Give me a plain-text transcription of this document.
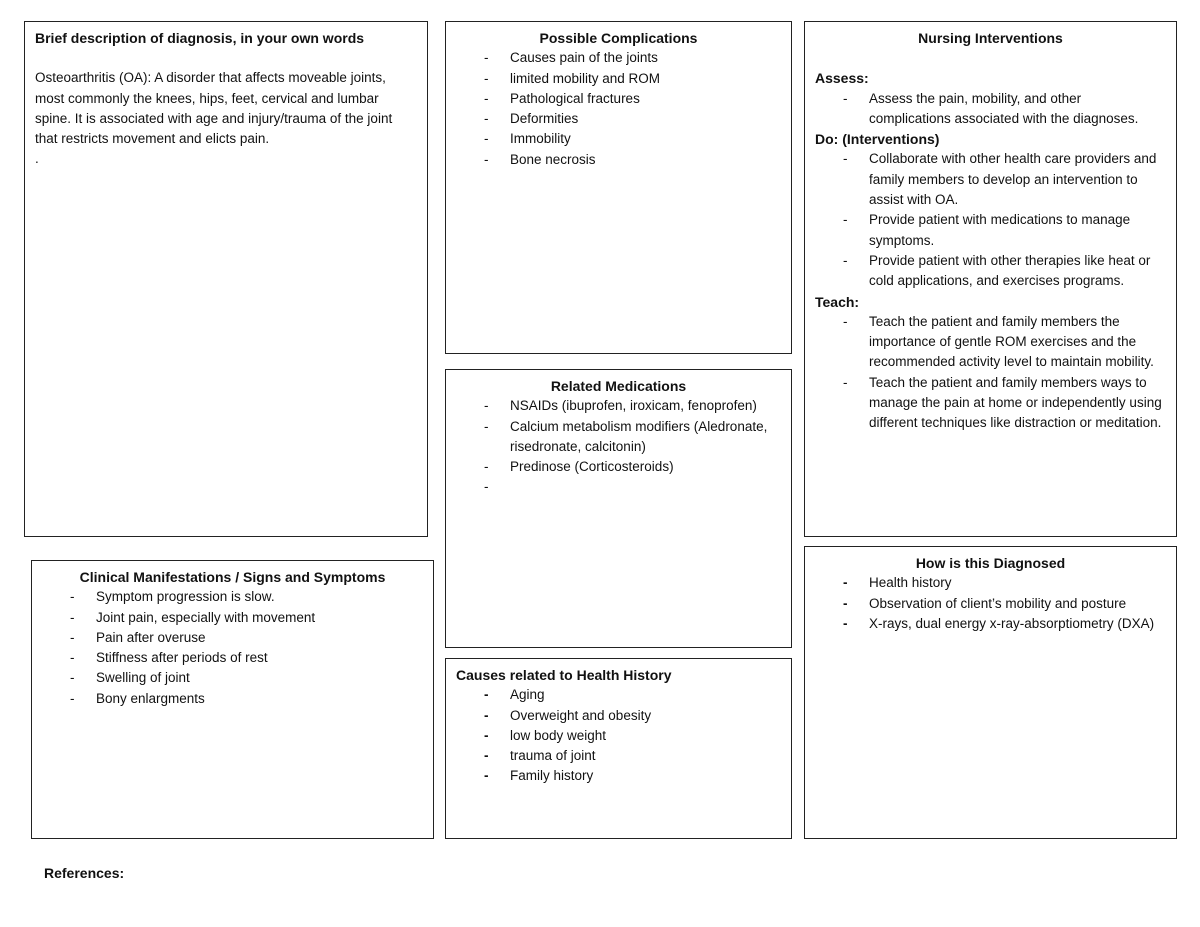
Brief description of diagnosis, in your own words

Osteoarthritis (OA): A disorder that affects moveable joints, most commonly the knees, hips, feet, cervical and lumbar spine. It is associated with age and injury/trauma of the joint that restricts movement and elicts pain.

.

Possible Complications

- Causes pain of the joints
- limited mobility and ROM
- Pathological fractures
- Deformities
- Immobility
- Bone necrosis

Nursing Interventions

Assess:

- Assess the pain, mobility, and other complications associated with the diagnoses.

Do: (Interventions)

- Collaborate with other health care providers and family members to develop an intervention to assist with OA.
- Provide patient with medications to manage symptoms.
- Provide patient with other therapies like heat or cold applications, and exercises programs.

Teach:

- Teach the patient and family members the importance of gentle ROM exercises and the recommended activity level to maintain mobility.
- Teach the patient and family members ways to manage the pain at home or independently using different techniques like distraction or meditation.

Related Medications

- NSAIDs (ibuprofen, iroxicam, fenoprofen)
- Calcium metabolism modifiers (Aledronate, risedronate, calcitonin)
- Predinose (Corticosteroids)
-

How is this Diagnosed

- Health history
- Observation of client’s mobility and posture
- X-rays, dual energy x-ray-absorptiometry (DXA)

Clinical Manifestations / Signs and Symptoms

- Symptom progression is slow.
- Joint pain, especially with movement
- Pain after overuse
- Stiffness after periods of rest
- Swelling of joint
- Bony enlargments

Causes related to Health History

- Aging
- Overweight and obesity
- low body weight
- trauma of joint
- Family history
References:
